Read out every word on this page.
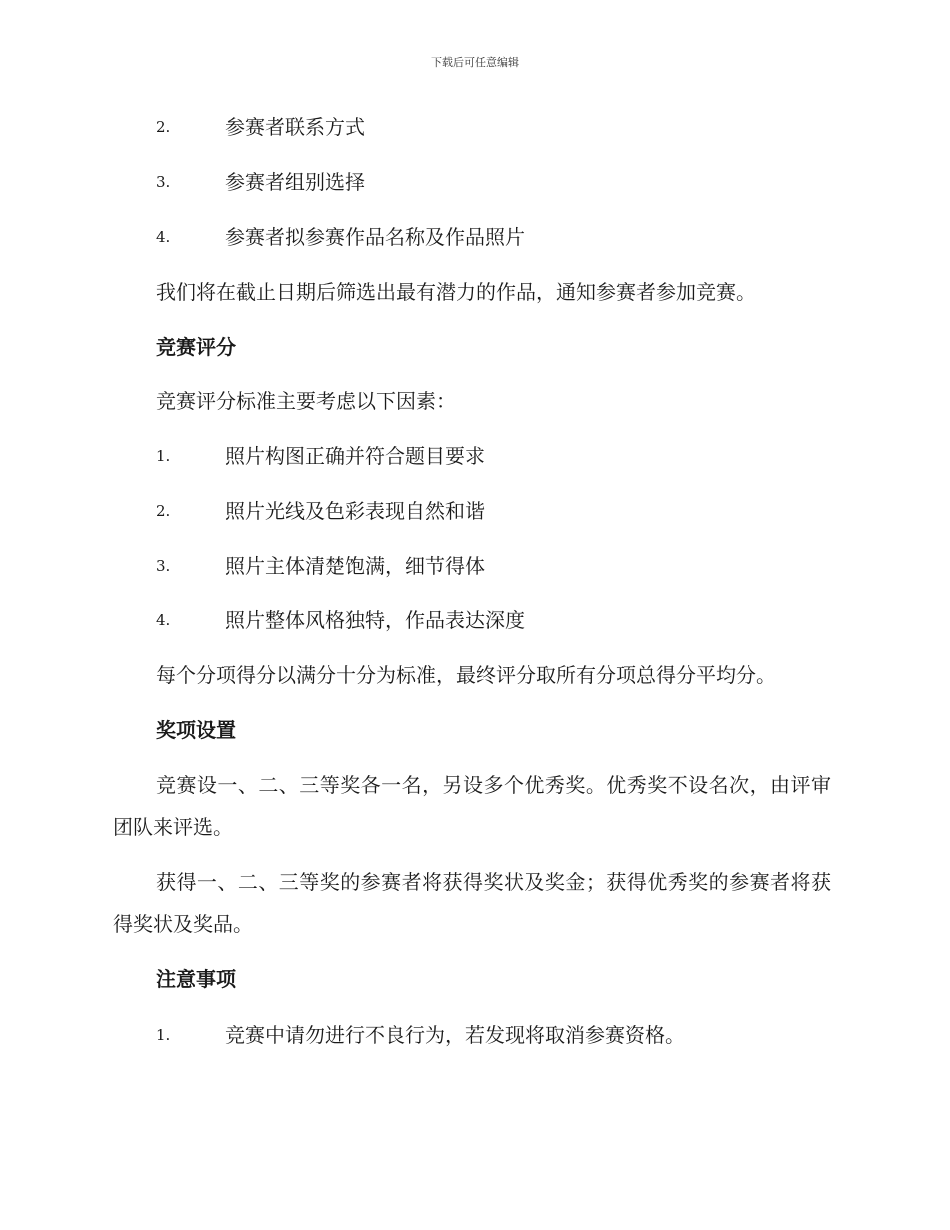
下载后可任意编辑
2.	参赛者联系方式
3.	参赛者组别选择
4.	参赛者拟参赛作品名称及作品照片
我们将在截止日期后筛选出最有潜力的作品，通知参赛者参加竞赛。
竞赛评分
竞赛评分标准主要考虑以下因素：
1.	照片构图正确并符合题目要求
2.	照片光线及色彩表现自然和谐
3.	照片主体清楚饱满，细节得体
4.	照片整体风格独特，作品表达深度
每个分项得分以满分十分为标准，最终评分取所有分项总得分平均分。
奖项设置
竞赛设一、二、三等奖各一名，另设多个优秀奖。优秀奖不设名次，由评审团队来评选。
获得一、二、三等奖的参赛者将获得奖状及奖金；获得优秀奖的参赛者将获得奖状及奖品。
注意事项
1.	竞赛中请勿进行不良行为，若发现将取消参赛资格。
